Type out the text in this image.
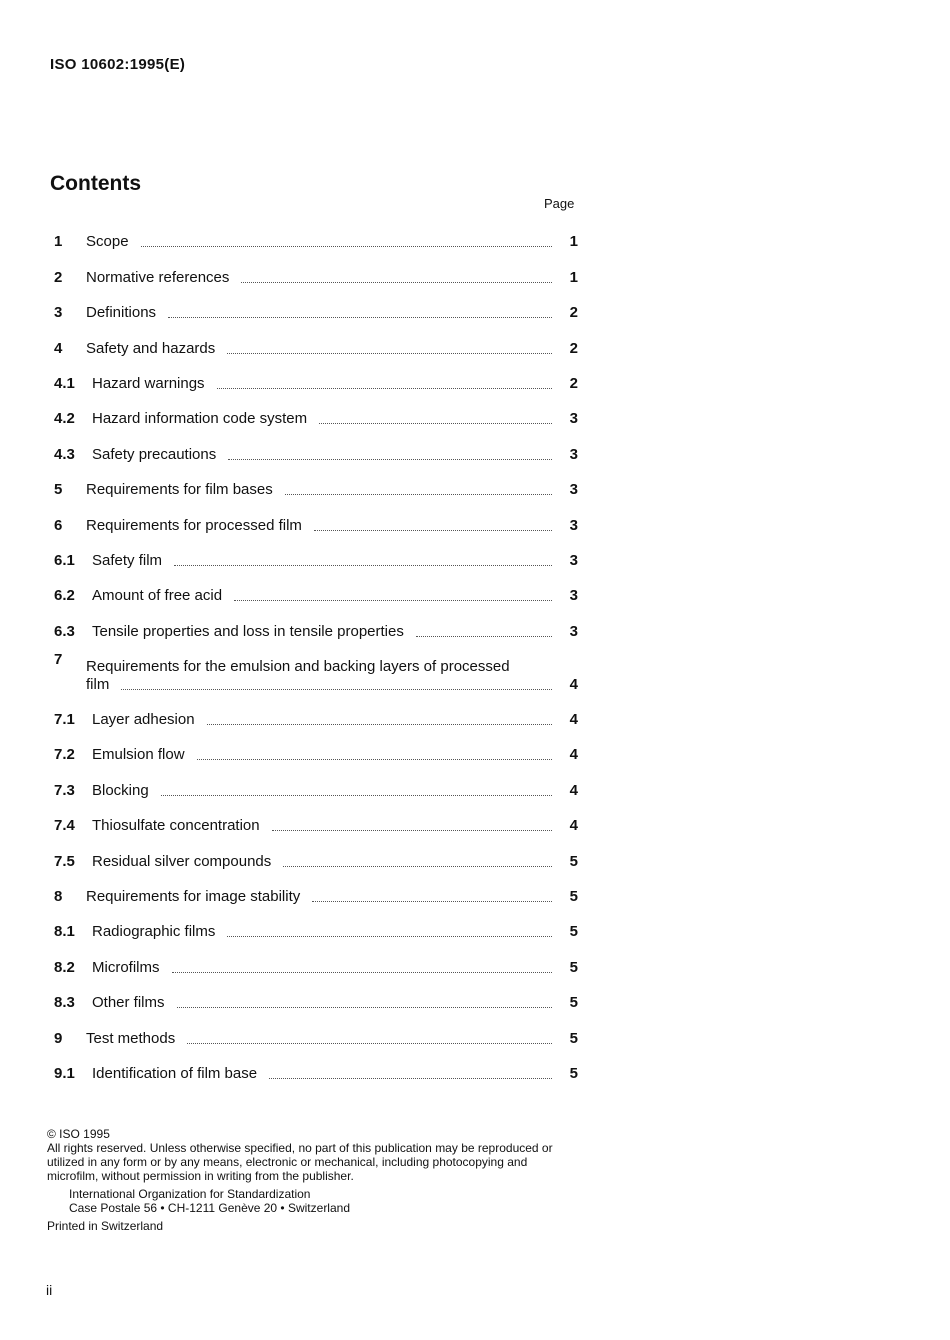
ISO 10602:1995(E)
Contents
Page
1	Scope	1
2	Normative references	1
3	Definitions	2
4	Safety and hazards	2
4.1	Hazard warnings	2
4.2	Hazard information code system	3
4.3	Safety precautions	3
5	Requirements for film bases	3
6	Requirements for processed film	3
6.1	Safety film	3
6.2	Amount of free acid	3
6.3	Tensile properties and loss in tensile properties	3
7	Requirements for the emulsion and backing layers of processed
film	4
7.1	Layer adhesion	4
7.2	Emulsion flow	4
7.3	Blocking	4
7.4	Thiosulfate concentration	4
7.5	Residual silver compounds	5
8	Requirements for image stability	5
8.1	Radiographic films	5
8.2	Microfilms	5
8.3	Other films	5
9	Test methods	5
9.1	Identification of film base	5
© ISO 1995
All rights reserved. Unless otherwise specified, no part of this publication may be reproduced or utilized in any form or by any means, electronic or mechanical, including photocopying and microfilm, without permission in writing from the publisher.
International Organization for Standardization
Case Postale 56 • CH-1211 Genève 20 • Switzerland
Printed in Switzerland
ii
